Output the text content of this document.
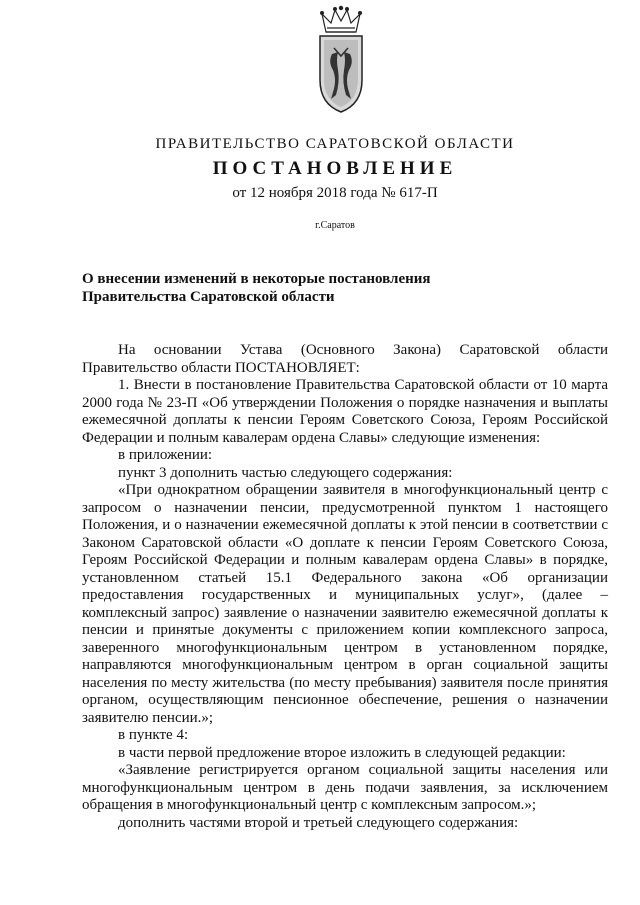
ПРАВИТЕЛЬСТВО САРАТОВСКОЙ ОБЛАСТИ
ПОСТАНОВЛЕНИЕ
от 12 ноября 2018 года № 617-П
г.Саратов
О внесении изменений в некоторые постановления
Правительства Саратовской области

На основании Устава (Основного Закона) Саратовской области Правительство области ПОСТАНОВЛЯЕТ:

1. Внести в постановление Правительства Саратовской области от 10 марта 2000 года № 23-П «Об утверждении Положения о порядке назначения и выплаты ежемесячной доплаты к пенсии Героям Советского Союза, Героям Российской Федерации и полным кавалерам ордена Славы» следующие изменения:

в приложении:

пункт 3 дополнить частью следующего содержания:

«При однократном обращении заявителя в многофункциональный центр с запросом о назначении пенсии, предусмотренной пунктом 1 настоящего Положения, и о назначении ежемесячной доплаты к этой пенсии в соответствии с Законом Саратовской области «О доплате к пенсии Героям Советского Союза, Героям Российской Федерации и полным кавалерам ордена Славы» в порядке, установленном статьей 15.1 Федерального закона «Об организации предоставления государственных и муниципальных услуг», (далее – комплексный запрос) заявление о назначении заявителю ежемесячной доплаты к пенсии и принятые документы с приложением копии комплексного запроса, заверенного многофункциональным центром в установленном порядке, направляются многофункциональным центром в орган социальной защиты населения по месту жительства (по месту пребывания) заявителя после принятия органом, осуществляющим пенсионное обеспечение, решения о назначении заявителю пенсии.»;

в пункте 4:

в части первой предложение второе изложить в следующей редакции:

«Заявление регистрируется органом социальной защиты населения или многофункциональным центром в день подачи заявления, за исключением обращения в многофункциональный центр с комплексным запросом.»;

дополнить частями второй и третьей следующего содержания:
